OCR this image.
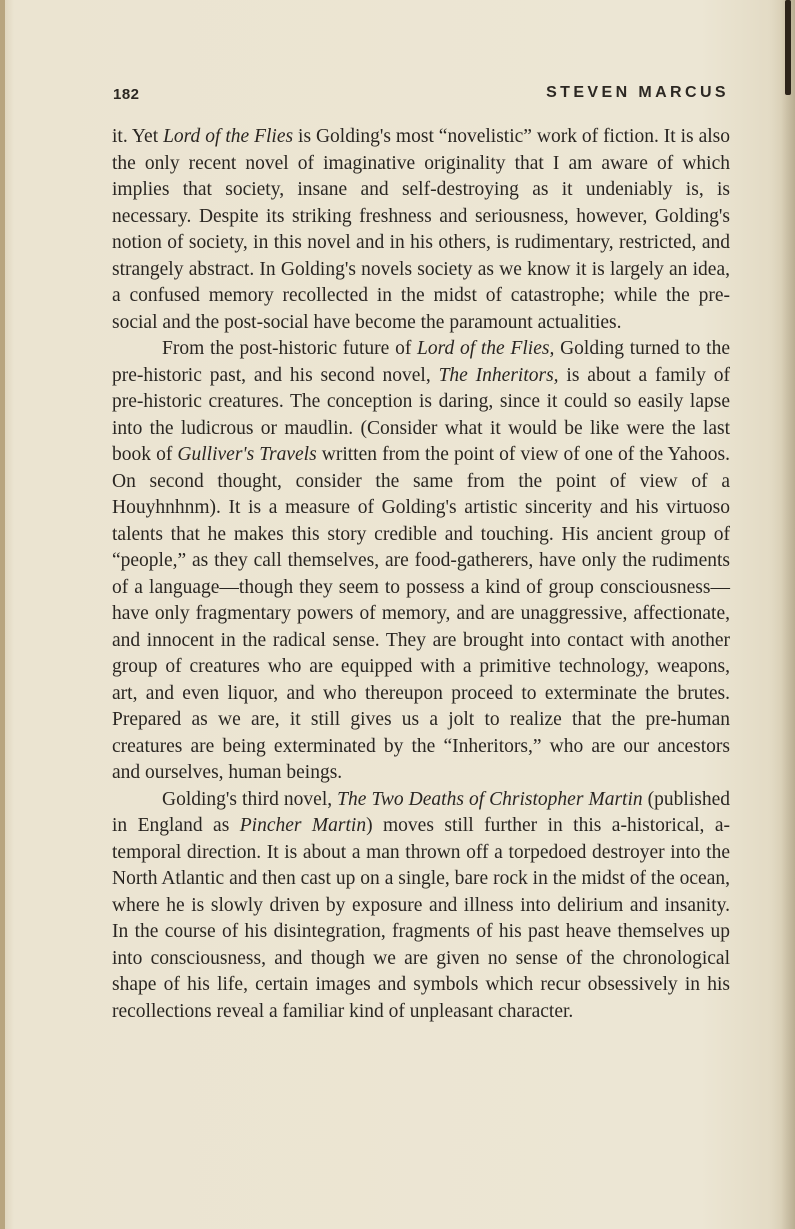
182	STEVEN MARCUS

it. Yet Lord of the Flies is Golding's most “novelistic” work of fiction. It is also the only recent novel of imaginative originality that I am aware of which implies that society, insane and self-destroying as it undeniably is, is necessary. Despite its striking freshness and seriousness, however, Golding's notion of society, in this novel and in his others, is rudimentary, restricted, and strangely abstract. In Golding's novels society as we know it is largely an idea, a confused memory recollected in the midst of catastrophe; while the pre-social and the post-social have become the paramount actualities.

From the post-historic future of Lord of the Flies, Golding turned to the pre-historic past, and his second novel, The Inheritors, is about a family of pre-historic creatures. The conception is daring, since it could so easily lapse into the ludicrous or maudlin. (Consider what it would be like were the last book of Gulliver's Travels written from the point of view of one of the Yahoos. On second thought, consider the same from the point of view of a Houyhnhnm). It is a measure of Golding's artistic sincerity and his virtuoso talents that he makes this story credible and touching. His ancient group of “people,” as they call themselves, are food-gatherers, have only the rudiments of a language—though they seem to possess a kind of group consciousness—have only fragmentary powers of memory, and are unaggressive, affectionate, and innocent in the radical sense. They are brought into contact with another group of creatures who are equipped with a primitive technology, weapons, art, and even liquor, and who thereupon proceed to exterminate the brutes. Prepared as we are, it still gives us a jolt to realize that the pre-human creatures are being exterminated by the “Inheritors,” who are our ancestors and ourselves, human beings.

Golding's third novel, The Two Deaths of Christopher Martin (published in England as Pincher Martin) moves still further in this a-historical, a-temporal direction. It is about a man thrown off a torpedoed destroyer into the North Atlantic and then cast up on a single, bare rock in the midst of the ocean, where he is slowly driven by exposure and illness into delirium and insanity. In the course of his disintegration, fragments of his past heave themselves up into consciousness, and though we are given no sense of the chronological shape of his life, certain images and symbols which recur obsessively in his recollections reveal a familiar kind of unpleasant character.
